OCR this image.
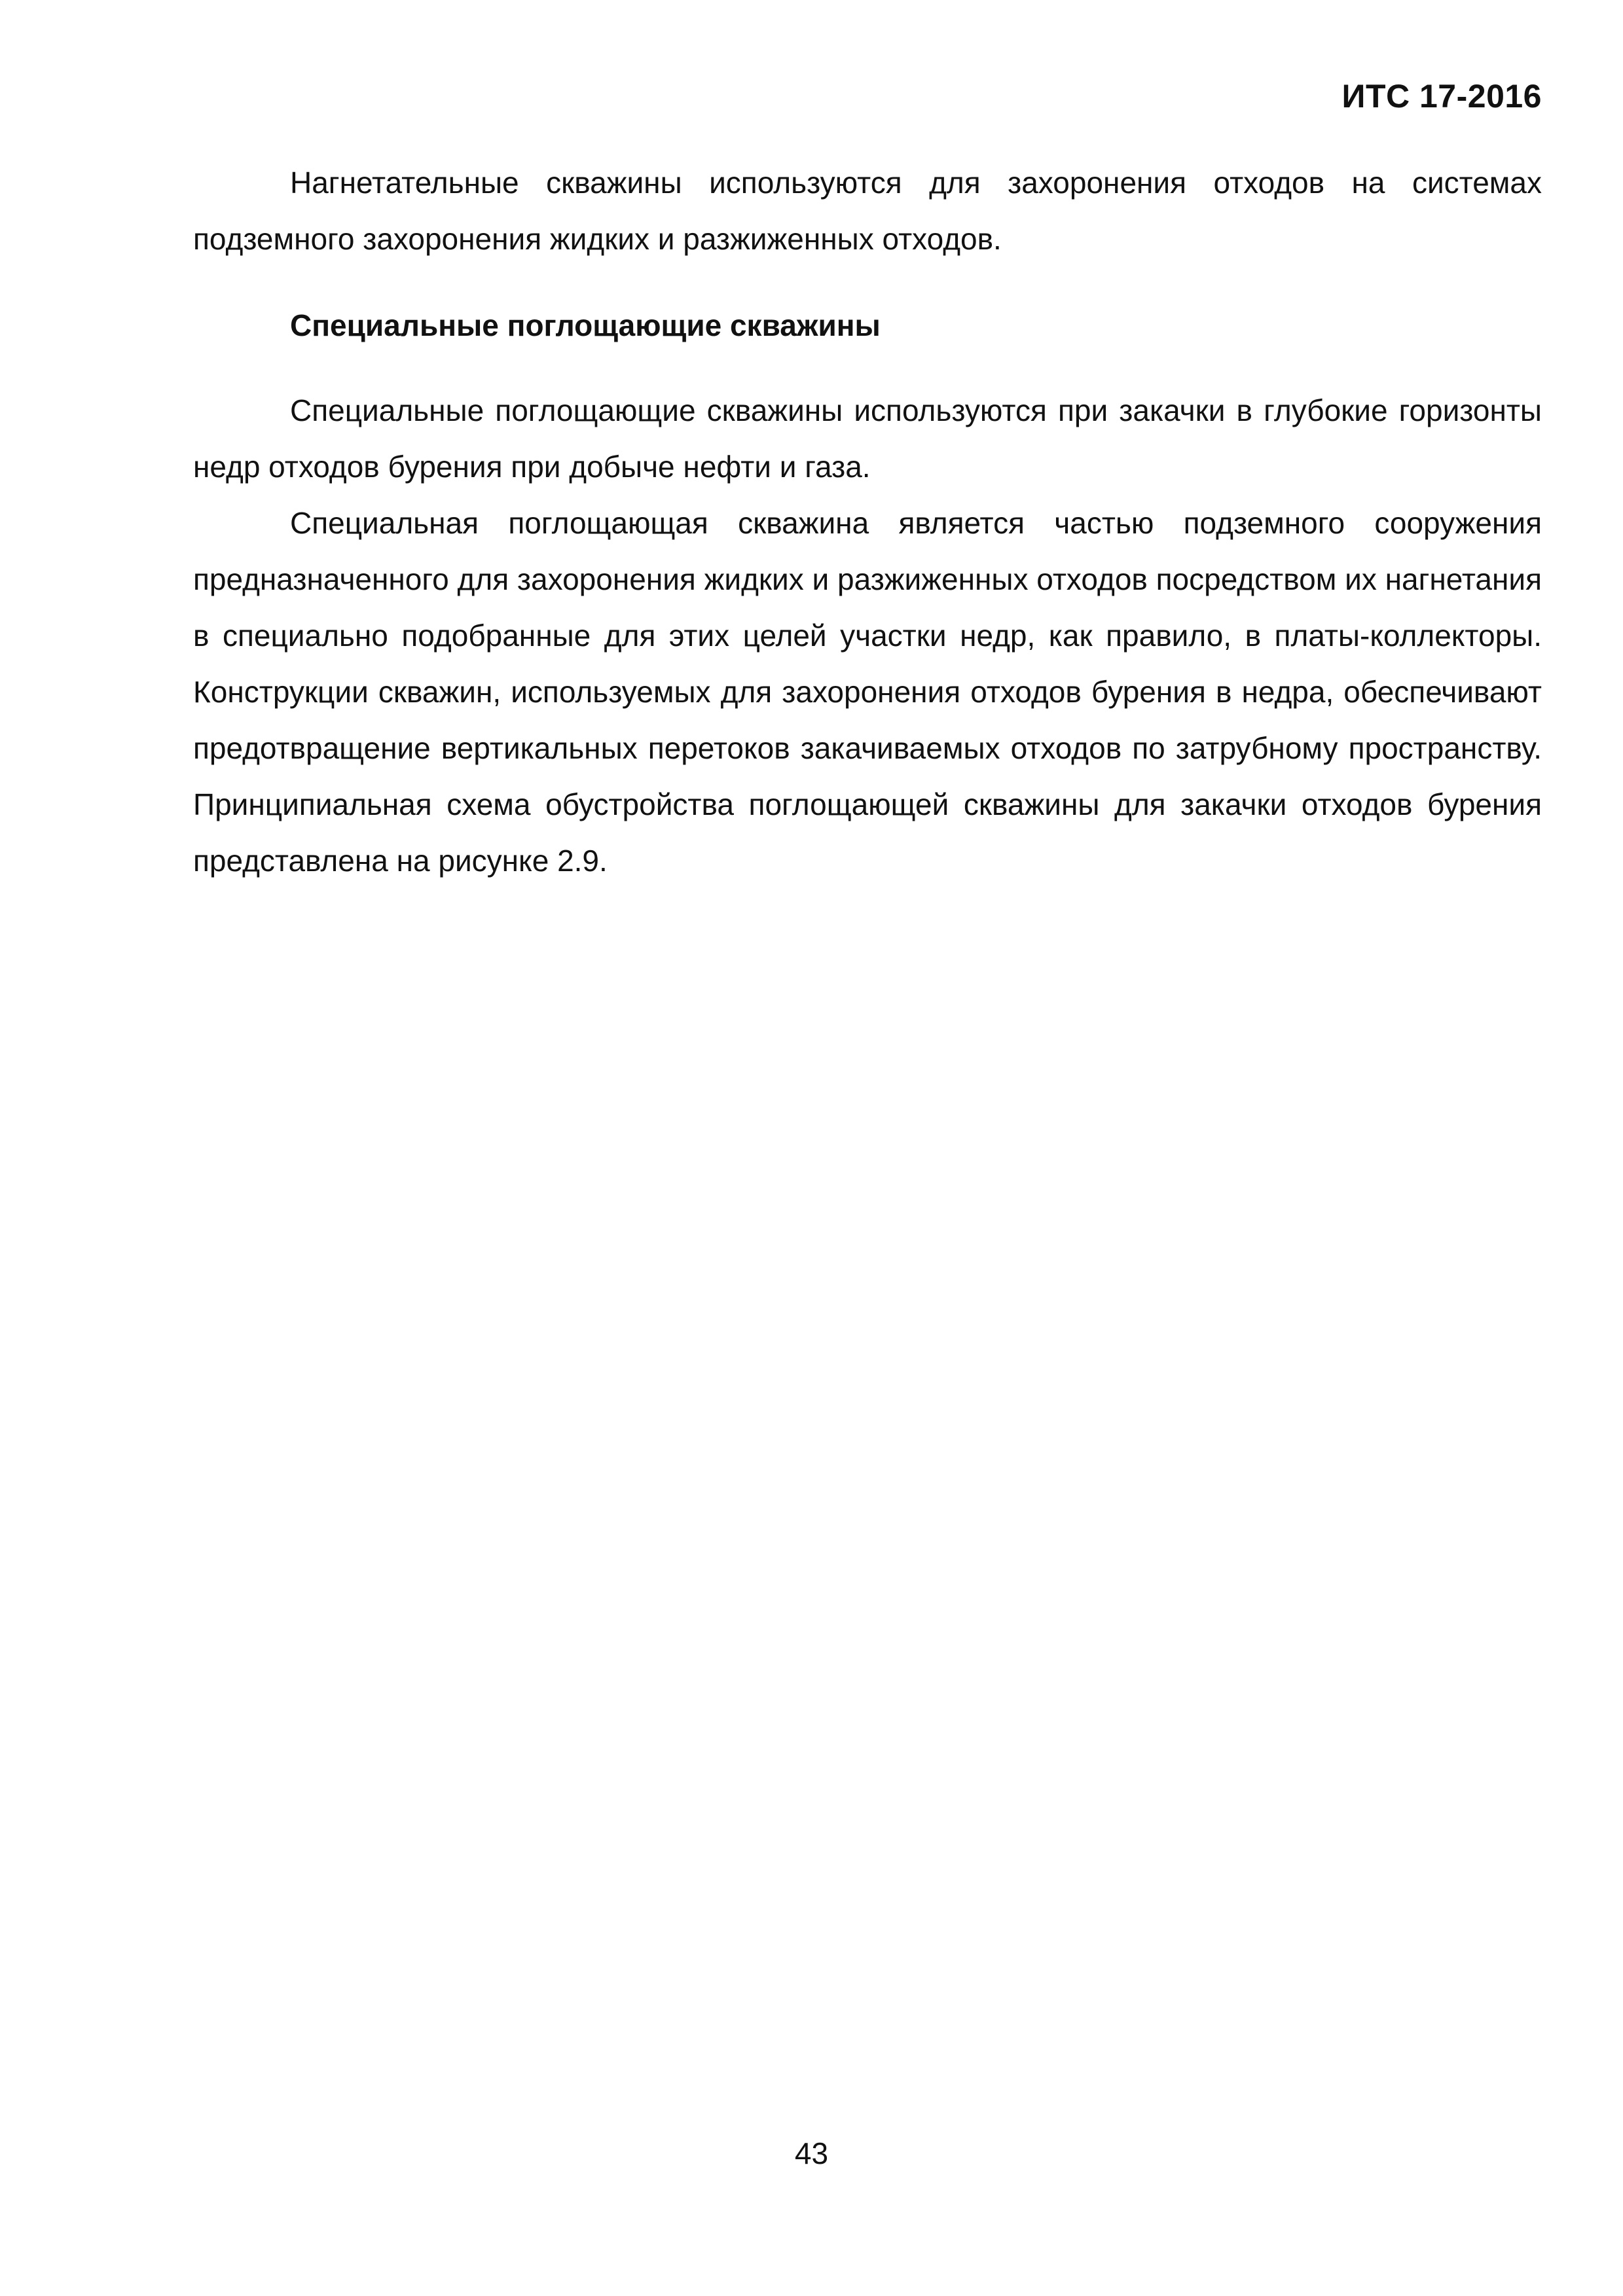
ИТС 17-2016

Нагнетательные скважины используются для захоронения отходов на системах подземного захоронения жидких и разжиженных отходов.

Специальные поглощающие скважины

Специальные поглощающие скважины используются при закачки в глубокие горизонты недр отходов бурения при добыче нефти и газа.

Специальная поглощающая скважина является частью подземного сооружения предназначенного для захоронения жидких и разжиженных отходов посредством их нагнетания в специально подобранные для этих целей участки недр, как правило, в платы-коллекторы. Конструкции скважин, используемых для захоронения отходов бурения в недра, обеспечивают предотвращение вертикальных перетоков закачиваемых отходов по затрубному пространству. Принципиальная схема обустройства поглощающей скважины для закачки отходов бурения представлена на рисунке 2.9.

43
